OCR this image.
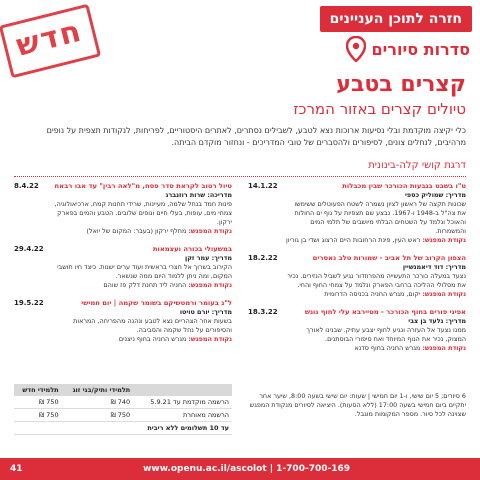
חזרה לתוכן העניינים
סדרות סיורים
חדש
קצרים בטבע
טיולים קצרים באזור המרכז
כלי יקיצה מוקדמת ובלי נסיעות ארוכות נצא לטבע, לשבילים נסתרים, לאתרים היסטוריים, לפריחות, לנקודות תצפית על נופים מרהיבים, לנחלים צונים, לסיפורים ולהסברים של טובי המדריכים - ונחזור מוקדם הביתה.
דרגת קושי קלה-בינונית
14.1.22	ט"ו בשבט בגבעות הכורכר שבין מכבלות
מדריך: שמוליק כספי
שכונות תקצה של ראשון לציון נשמרה לשטח הפעוטלים ששימשו את צה"ל ב-1948 ו-1967. נבצע שם תצפיות על נוף ים החולות והאוכל ונלמד על השטחים הבלתי מיושבים של תלמי המים והמשמרות.
נקודת המפגש: ראש העין, פינת הרחובות היים הרצוג ושדי בן גוריון
18.2.22	הצפון הקרוב של תל אביב - שמורות טלב נאסרים
מדריך: דוד דיאמנשיין
נצעד במעלה כורכר התעשייה מהפרוזדור נגיע לשביל הנזירים. נכיר את מסלולי ההליכה ברחבי הפארק ונלמד על צמחי החוף והחי.
נקודת המפגש: יקום, מגרש החניה בכניסה הדרומית
18.3.22	אפיגי פורים בחוף הכורכר - מטיירבא עלי לחוף נוגש
מדריך: גלעד בן צבי
ממנו נצעד אל העזרה ונגיע לחוף יצבע עתיק. שבנינו לאורך המצוק, נכיר את הנוף המיוחד ואת סיפורי הבוסתנים.
נקודת המפגש: מגרש החניה בחוף סדנא
8.4.22	טיול רטוב לקראת סדר פסח, מ"לאה רבין" עד אבו רבאח
מדריכה: שרות רוזנברג
פינות חמד בנחל שלמה, מעיינות, שרידי תחנות קמח, ארכיאולוגיה, צמחי מים, עופות, בעלי חיים ונופים שלובים. הטבע והמים בפארק ירקון.
נקודת המפגש: מחלף ירקון (בעבר: המקום של יואל)
29.4.22	במשעולי בכורה ועצמאות
מדריך: עמר זקן
הקירוב בשרוך אל חצרי בראשית ועוד ערים ישנות. כיצד חיו תושבי המקום, ומה ניתן ללמוד היום ממה שנשאר.
נקודת המפגש: החניה ליד תחנת דלק פז שוהם
19.5.22	ל"ג בעומר ורמטשיקם בשומר שקמה | יום חמישי
מדריך: יורם טויטו
בשעות אחר הצהריים נצא לטבע ונהנה מהפריחה, המראות והסיפורים על נחל שקמה והסביבה.
נקודת המפגש: מגרש החניה בחוף ניצנים
	תלמידי ותיק/בני זוג	תלמידי חדש
הרשמה מוקדמת עד 5.9.21	740 ₪	750 ₪
הרשמה מאוחרת	750 ₪	750 ₪
עד 10 תשלומים ללא ריבית		
6 סיורים; 5 יום שישי, ו-1 יום חמישי | שעות: יום שישי בשעה 8:00, שיער אחר יתקיים ביום חמישי בשעה 17:00 (ללא הסעות). היציאה לסיורים מנקודת המפגש שצוינה לכל סיור. מספר המקומות מוגבל.
41	www.openu.ac.il/ascolot | 1-700-700-169
